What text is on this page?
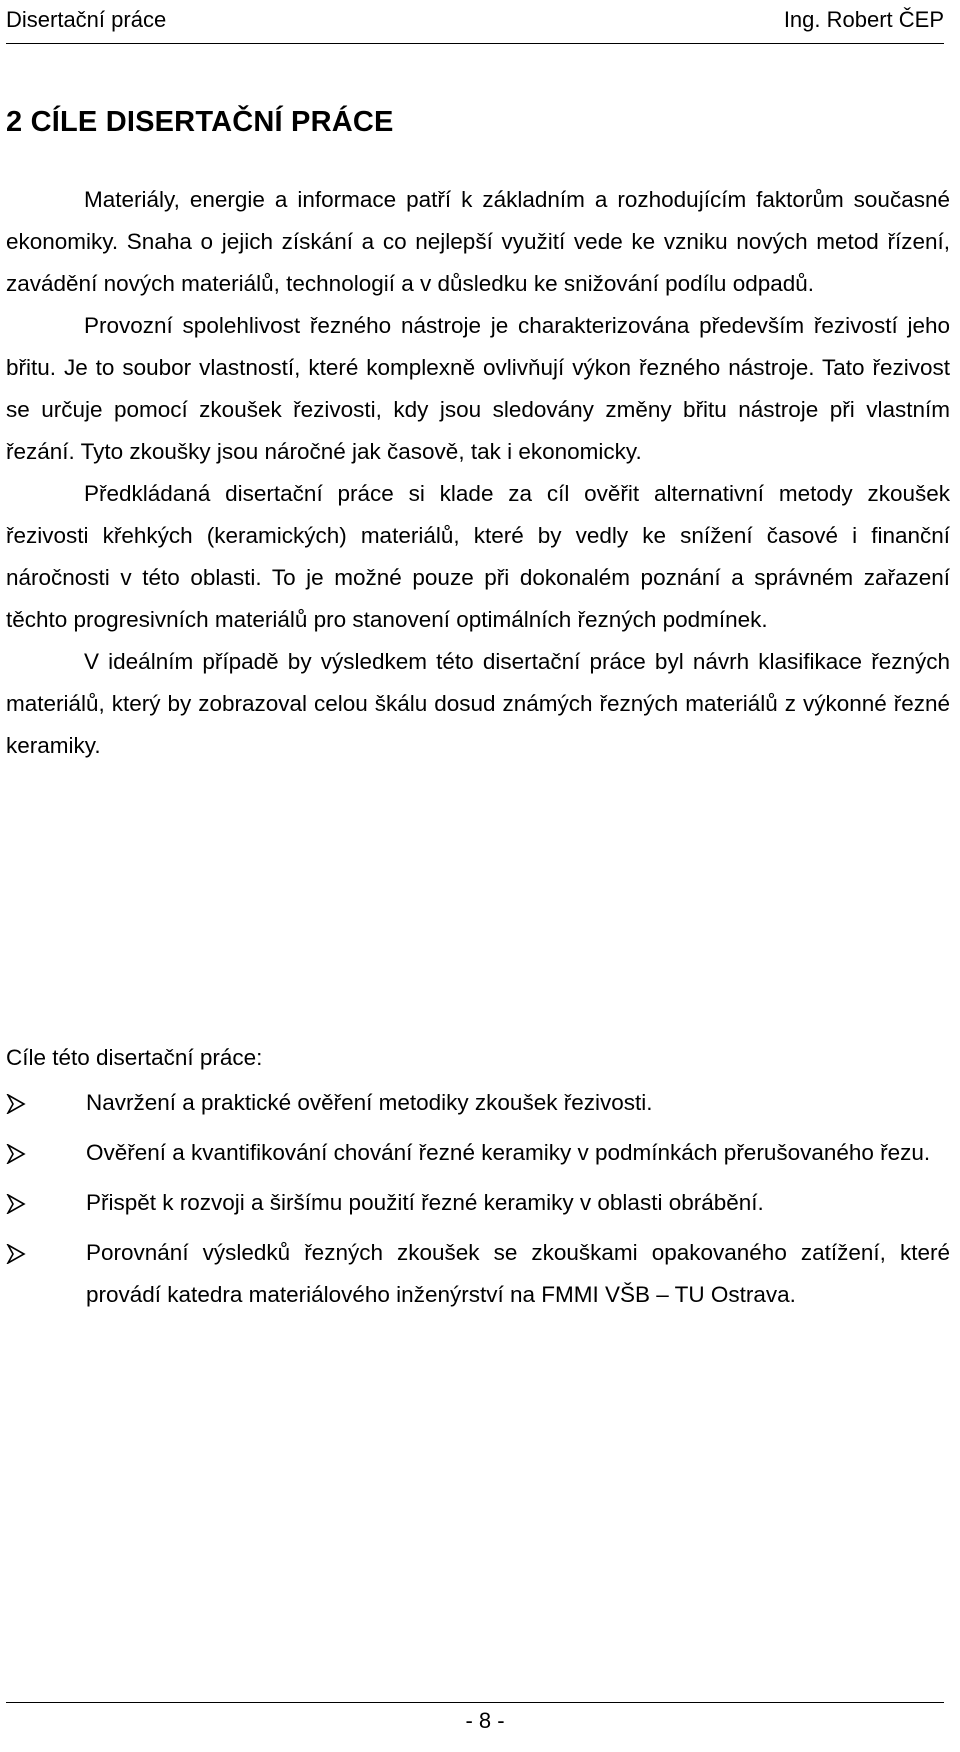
Disertační práce	Ing. Robert ČEP
2 CÍLE DISERTAČNÍ PRÁCE

Materiály, energie a informace patří k základním a rozhodujícím faktorům současné ekonomiky. Snaha o jejich získání a co nejlepší využití vede ke vzniku nových metod řízení, zavádění nových materiálů, technologií a v důsledku ke snižování podílu odpadů.

Provozní spolehlivost řezného nástroje je charakterizována především řezivostí jeho břitu. Je to soubor vlastností, které komplexně ovlivňují výkon řezného nástroje. Tato řezivost se určuje pomocí zkoušek řezivosti, kdy jsou sledovány změny břitu nástroje při vlastním řezání. Tyto zkoušky jsou náročné jak časově, tak i ekonomicky.

Předkládaná disertační práce si klade za cíl ověřit alternativní metody zkoušek řezivosti křehkých (keramických) materiálů, které by vedly ke snížení časové i finanční náročnosti v této oblasti. To je možné pouze při dokonalém poznání a správném zařazení těchto progresivních materiálů pro stanovení optimálních řezných podmínek.

V ideálním případě by výsledkem této disertační práce byl návrh klasifikace řezných materiálů, který by zobrazoval celou škálu dosud známých řezných materiálů z výkonné řezné keramiky.

Cíle této disertační práce:
Navržení a praktické ověření metodiky zkoušek řezivosti.
Ověření a kvantifikování chování řezné keramiky v podmínkách přerušovaného řezu.
Přispět k rozvoji a širšímu použití řezné keramiky v oblasti obrábění.
Porovnání výsledků řezných zkoušek se zkouškami opakovaného zatížení, které provádí katedra materiálového inženýrství na FMMI VŠB – TU Ostrava.
- 8 -
